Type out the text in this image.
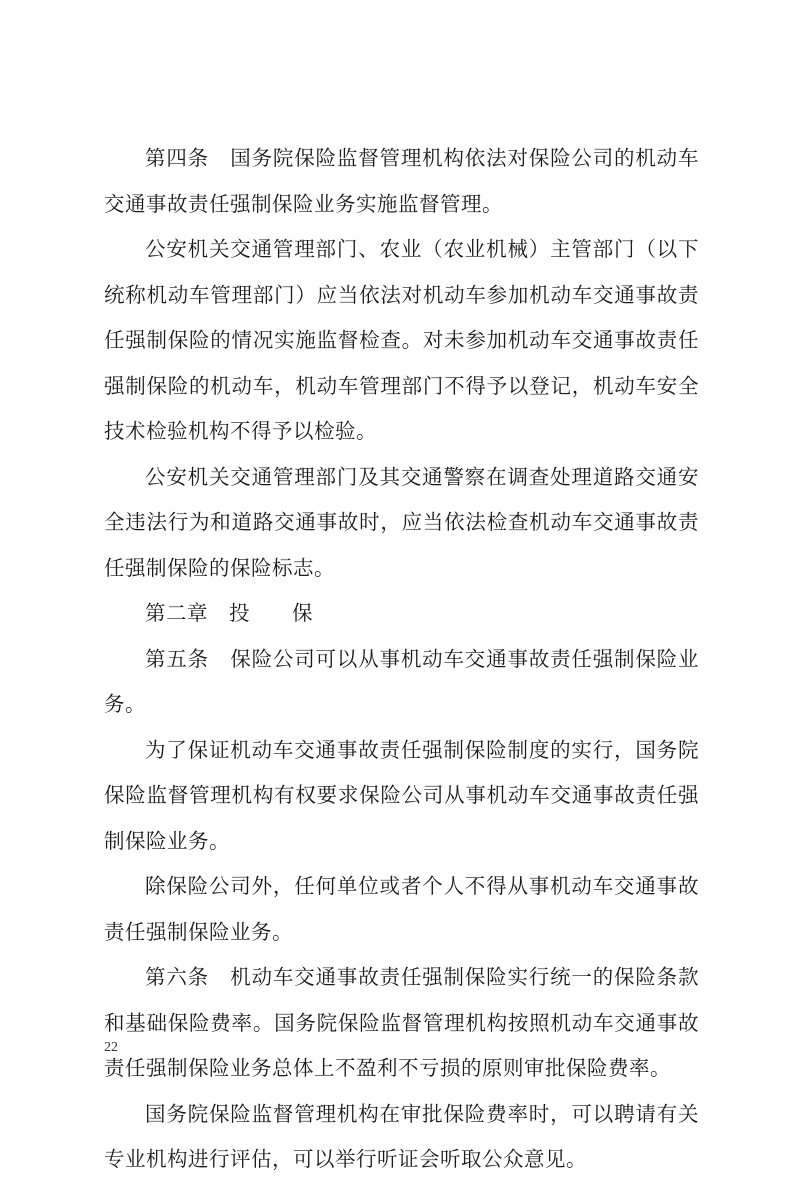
第四条　国务院保险监督管理机构依法对保险公司的机动车交通事故责任强制保险业务实施监督管理。

公安机关交通管理部门、农业（农业机械）主管部门（以下统称机动车管理部门）应当依法对机动车参加机动车交通事故责任强制保险的情况实施监督检查。对未参加机动车交通事故责任强制保险的机动车，机动车管理部门不得予以登记，机动车安全技术检验机构不得予以检验。

公安机关交通管理部门及其交通警察在调查处理道路交通安全违法行为和道路交通事故时，应当依法检查机动车交通事故责任强制保险的保险标志。

第二章　投　　保

第五条　保险公司可以从事机动车交通事故责任强制保险业务。

为了保证机动车交通事故责任强制保险制度的实行，国务院保险监督管理机构有权要求保险公司从事机动车交通事故责任强制保险业务。

除保险公司外，任何单位或者个人不得从事机动车交通事故责任强制保险业务。

第六条　机动车交通事故责任强制保险实行统一的保险条款和基础保险费率。国务院保险监督管理机构按照机动车交通事故责任强制保险业务总体上不盈利不亏损的原则审批保险费率。

国务院保险监督管理机构在审批保险费率时，可以聘请有关专业机构进行评估，可以举行听证会听取公众意见。

22
